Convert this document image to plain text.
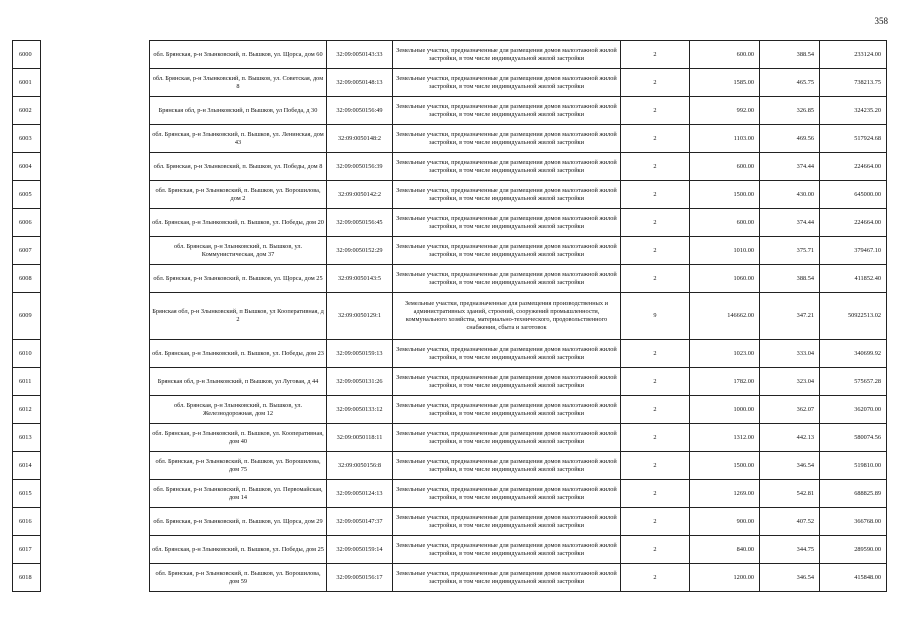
358
6000		обл. Брянская, р-н Злынковский, п. Вышков, ул. Щорса, дом 60	32:09:0050143:33	Земельные участки, предназначенные для размещения домов малоэтажной жилой застройки, в том числе индивидуальной жилой застройки	2	600.00	388.54	233124.00
6001		обл. Брянская, р-н Злынковский, п. Вышков, ул. Советская, дом 8	32:09:0050148:13	Земельные участки, предназначенные для размещения домов малоэтажной жилой застройки, в том числе индивидуальной жилой застройки	2	1585.00	465.75	738213.75
6002		Брянская обл, р-н Злынковский, п Вышков, ул Победа, д 30	32:09:0050156:49	Земельные участки, предназначенные для размещения домов малоэтажной жилой застройки, в том числе индивидуальной жилой застройки	2	992.00	326.85	324235.20
6003		обл. Брянская, р-н Злынковский, п. Вышков, ул. Ленинская, дом 43	32:09:0050148:2	Земельные участки, предназначенные для размещения домов малоэтажной жилой застройки, в том числе индивидуальной жилой застройки	2	1103.00	469.56	517924.68
6004		обл. Брянская, р-н Злынковский, п. Вышков, ул. Победы, дом 8	32:09:0050156:39	Земельные участки, предназначенные для размещения домов малоэтажной жилой застройки, в том числе индивидуальной жилой застройки	2	600.00	374.44	224664.00
6005		обл. Брянская, р-н Злынковский, п. Вышков, ул. Ворошилова, дом 2	32:09:0050142:2	Земельные участки, предназначенные для размещения домов малоэтажной жилой застройки, в том числе индивидуальной жилой застройки	2	1500.00	430.00	645000.00
6006		обл. Брянская, р-н Злынковский, п. Вышков, ул. Победы, дом 20	32:09:0050156:45	Земельные участки, предназначенные для размещения домов малоэтажной жилой застройки, в том числе индивидуальной жилой застройки	2	600.00	374.44	224664.00
6007		обл. Брянская, р-н Злынковский, п. Вышков, ул. Коммунистическая, дом 37	32:09:0050152:29	Земельные участки, предназначенные для размещения домов малоэтажной жилой застройки, в том числе индивидуальной жилой застройки	2	1010.00	375.71	379467.10
6008		обл. Брянская, р-н Злынковский, п. Вышков, ул. Щорса, дом 25	32:09:0050143:5	Земельные участки, предназначенные для размещения домов малоэтажной жилой застройки, в том числе индивидуальной жилой застройки	2	1060.00	388.54	411852.40
6009		Брянская обл, р-н Злынковский, п Вышков, ул Кооперативная, д 2	32:09:0050129:1	Земельные участки, предназначенные для размещения производственных и административных зданий, строений, сооружений промышленности, коммунального хозяйства, материально-технического, продовольственного снабжения, сбыта и заготовок	9	146662.00	347.21	50922513.02
6010		обл. Брянская, р-н Злынковский, п. Вышков, ул. Победы, дом 23	32:09:0050159:13	Земельные участки, предназначенные для размещения домов малоэтажной жилой застройки, в том числе индивидуальной жилой застройки	2	1023.00	333.04	340699.92
6011		Брянская обл, р-н Злынковский, п Вышков, ул Луговая, д 44	32:09:0050131:26	Земельные участки, предназначенные для размещения домов малоэтажной жилой застройки, в том числе индивидуальной жилой застройки	2	1782.00	323.04	575657.28
6012		обл. Брянская, р-н Злынковский, п. Вышков, ул. Железнодорожная, дом 12	32:09:0050133:12	Земельные участки, предназначенные для размещения домов малоэтажной жилой застройки, в том числе индивидуальной жилой застройки	2	1000.00	362.07	362070.00
6013		обл. Брянская, р-н Злынковский, п. Вышков, ул. Кооперативная, дом 40	32:09:0050118:11	Земельные участки, предназначенные для размещения домов малоэтажной жилой застройки, в том числе индивидуальной жилой застройки	2	1312.00	442.13	580074.56
6014		обл. Брянская, р-н Злынковский, п. Вышков, ул. Ворошилова, дом 75	32:09:0050156:8	Земельные участки, предназначенные для размещения домов малоэтажной жилой застройки, в том числе индивидуальной жилой застройки	2	1500.00	346.54	519810.00
6015		обл. Брянская, р-н Злынковский, п. Вышков, ул. Первомайская, дом 14	32:09:0050124:13	Земельные участки, предназначенные для размещения домов малоэтажной жилой застройки, в том числе индивидуальной жилой застройки	2	1269.00	542.81	688825.89
6016		обл. Брянская, р-н Злынковский, п. Вышков, ул. Щорса, дом 29	32:09:0050147:37	Земельные участки, предназначенные для размещения домов малоэтажной жилой застройки, в том числе индивидуальной жилой застройки	2	900.00	407.52	366768.00
6017		обл. Брянская, р-н Злынковский, п. Вышков, ул. Победы, дом 25	32:09:0050159:14	Земельные участки, предназначенные для размещения домов малоэтажной жилой застройки, в том числе индивидуальной жилой застройки	2	840.00	344.75	289590.00
6018		обл. Брянская, р-н Злынковский, п. Вышков, ул. Ворошилова, дом 59	32:09:0050156:17	Земельные участки, предназначенные для размещения домов малоэтажной жилой застройки, в том числе индивидуальной жилой застройки	2	1200.00	346.54	415848.00
